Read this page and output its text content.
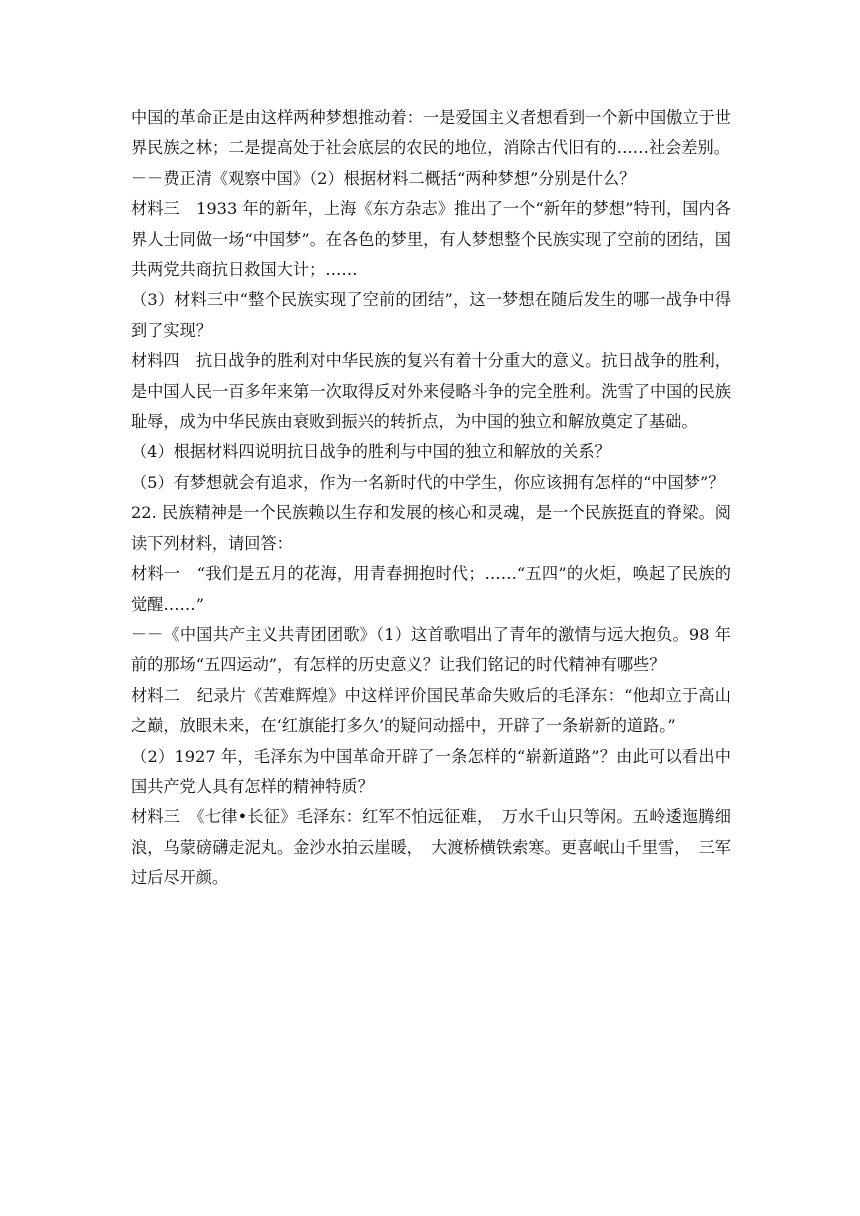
中国的革命正是由这样两种梦想推动着：一是爱国主义者想看到一个新中国傲立于世界民族之林；二是提高处于社会底层的农民的地位，消除古代旧有的……社会差别。

－－费正清《观察中国》（2）根据材料二概括“两种梦想”分别是什么？

材料三　1933 年的新年，上海《东方杂志》推出了一个“新年的梦想”特刊，国内各界人士同做一场“中国梦”。在各色的梦里，有人梦想整个民族实现了空前的团结，国共两党共商抗日救国大计；……

（3）材料三中“整个民族实现了空前的团结”，这一梦想在随后发生的哪一战争中得到了实现？

材料四　抗日战争的胜利对中华民族的复兴有着十分重大的意义。抗日战争的胜利，是中国人民一百多年来第一次取得反对外来侵略斗争的完全胜利。洗雪了中国的民族耻辱，成为中华民族由衰败到振兴的转折点，为中国的独立和解放奠定了基础。

（4）根据材料四说明抗日战争的胜利与中国的独立和解放的关系？

（5）有梦想就会有追求，作为一名新时代的中学生，你应该拥有怎样的“中国梦”？

22. 民族精神是一个民族赖以生存和发展的核心和灵魂，是一个民族挺直的脊梁。阅读下列材料，请回答：

材料一　“我们是五月的花海，用青春拥抱时代；……“五四”的火炬，唤起了民族的觉醒……”

－－《中国共产主义共青团团歌》（1）这首歌唱出了青年的激情与远大抱负。98 年前的那场“五四运动”，有怎样的历史意义？让我们铭记的时代精神有哪些？

材料二　纪录片《苦难辉煌》中这样评价国民革命失败后的毛泽东：“他却立于高山之巅，放眼未来，在‘红旗能打多久’的疑问动摇中，开辟了一条崭新的道路。”

（2）1927 年，毛泽东为中国革命开辟了一条怎样的“崭新道路”？由此可以看出中国共产党人具有怎样的精神特质？

材料三　《七律•长征》毛泽东：红军不怕远征难，　万水千山只等闲。五岭逶迤腾细浪，乌蒙磅礴走泥丸。金沙水拍云崖暖，　大渡桥横铁索寒。更喜岷山千里雪，　三军过后尽开颜。
